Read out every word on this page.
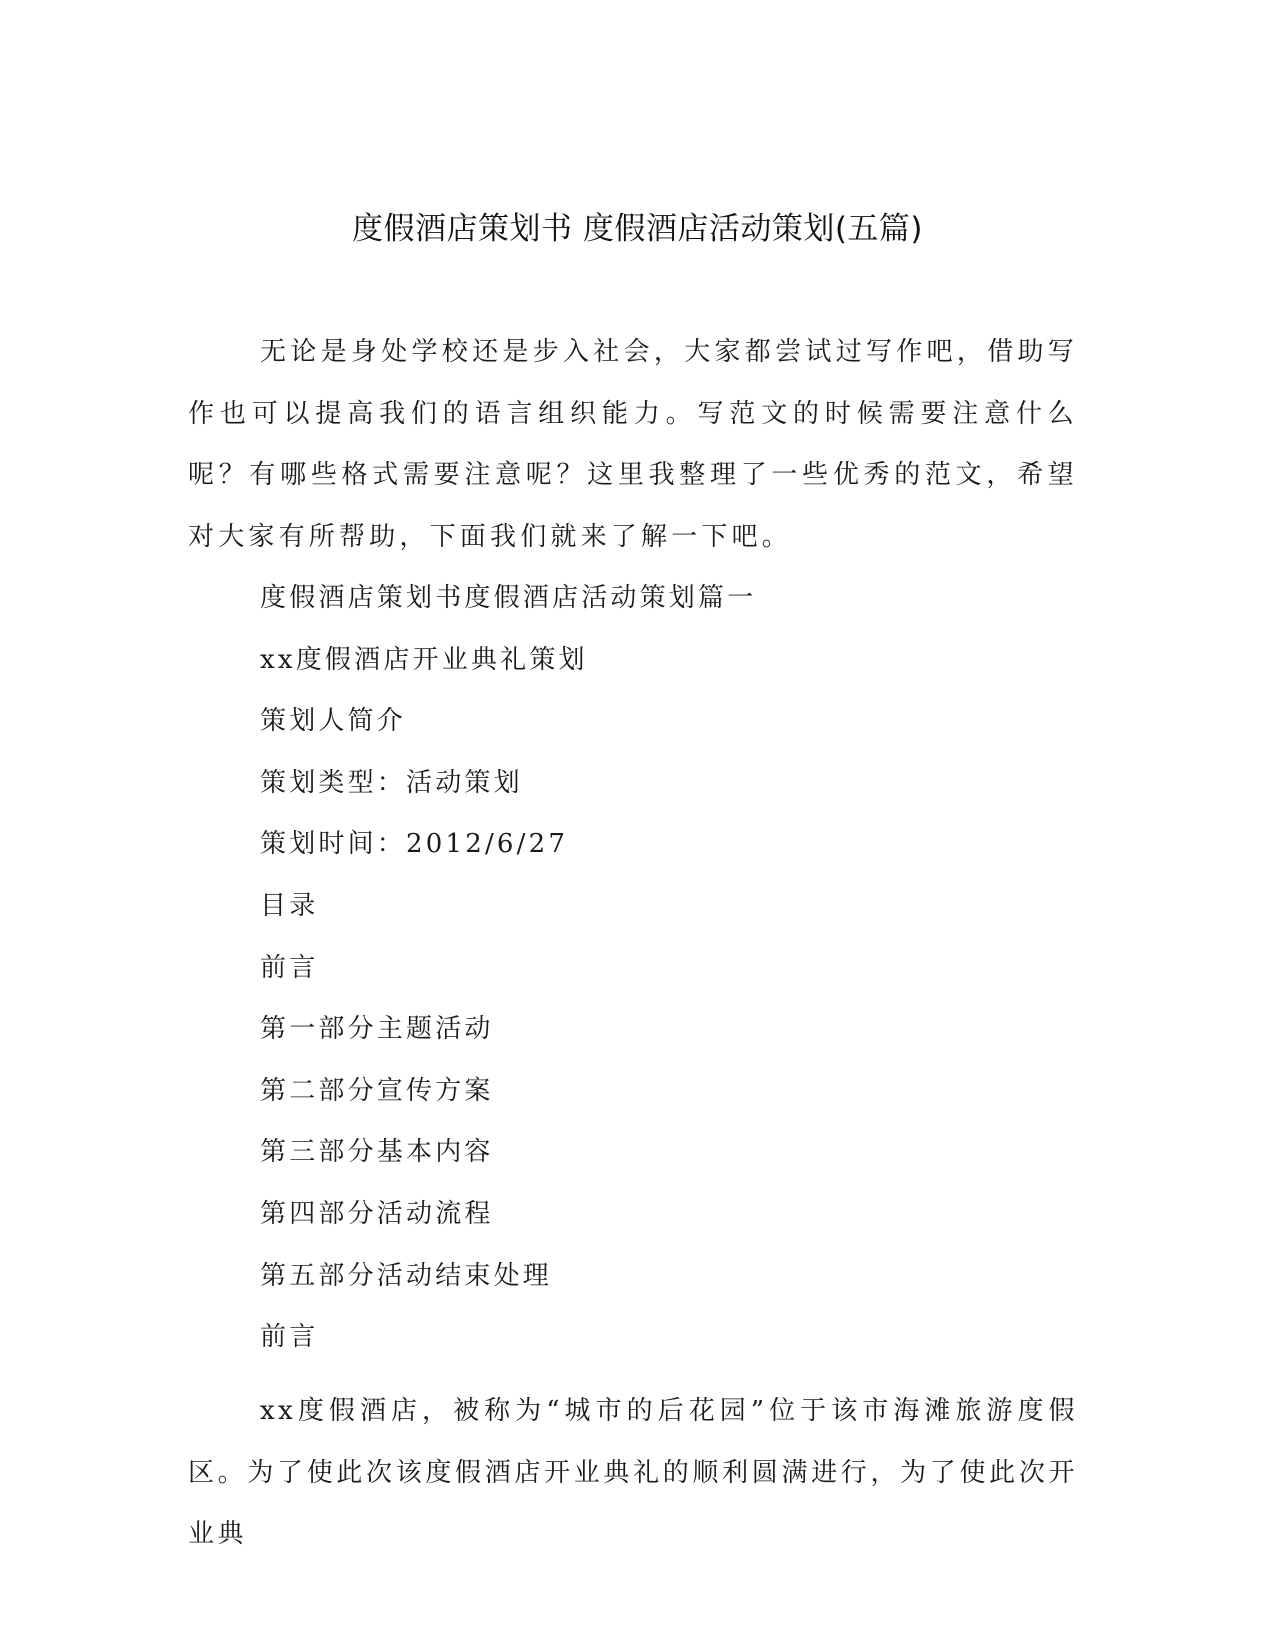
度假酒店策划书 度假酒店活动策划(五篇)

无论是身处学校还是步入社会，大家都尝试过写作吧，借助写作也可以提高我们的语言组织能力。写范文的时候需要注意什么呢？有哪些格式需要注意呢？这里我整理了一些优秀的范文，希望对大家有所帮助，下面我们就来了解一下吧。

度假酒店策划书度假酒店活动策划篇一
xx度假酒店开业典礼策划
策划人简介
策划类型：活动策划
策划时间：2012/6/27
目录
前言
第一部分主题活动
第二部分宣传方案
第三部分基本内容
第四部分活动流程
第五部分活动结束处理
前言

xx度假酒店，被称为“城市的后花园”位于该市海滩旅游度假区。为了使此次该度假酒店开业典礼的顺利圆满进行，为了使此次开业典
